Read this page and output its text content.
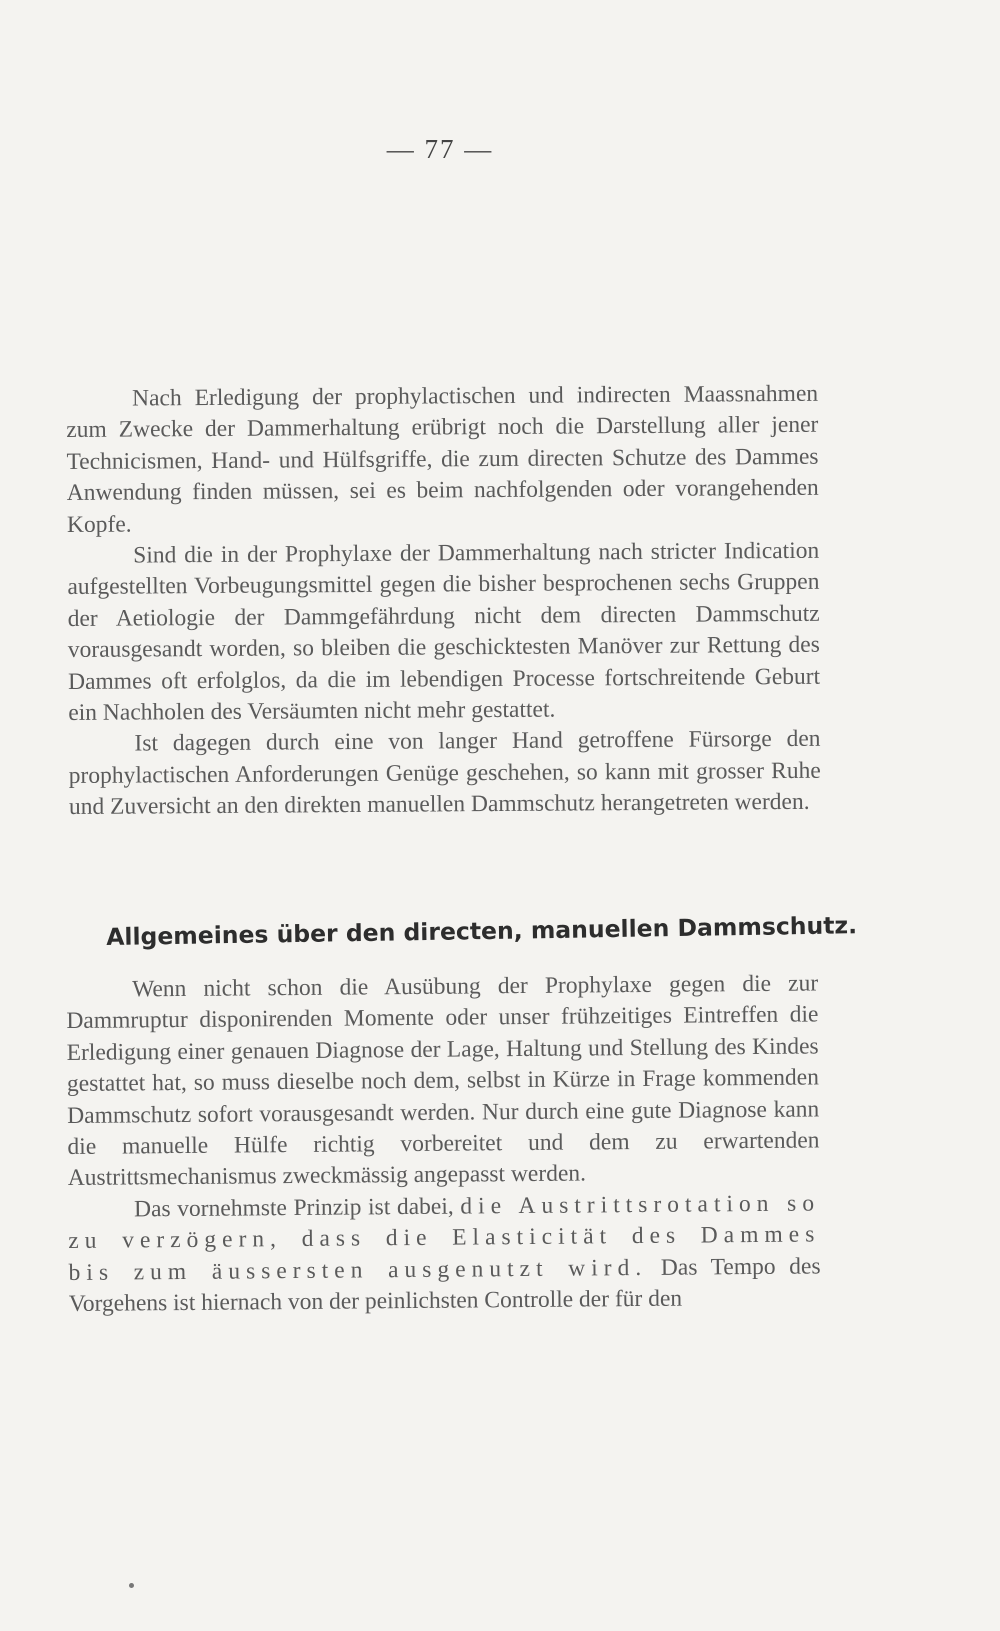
— 77 —

Nach Erledigung der prophylactischen und indirecten Maassnahmen zum Zwecke der Dammerhaltung erübrigt noch die Darstellung aller jener Technicismen, Hand- und Hülfsgriffe, die zum directen Schutze des Dammes Anwendung finden müssen, sei es beim nachfolgenden oder vorangehenden Kopfe.

Sind die in der Prophylaxe der Dammerhaltung nach stricter Indication aufgestellten Vorbeugungsmittel gegen die bisher besprochenen sechs Gruppen der Aetiologie der Dammgefährdung nicht dem directen Dammschutz vorausgesandt worden, so bleiben die geschicktesten Manöver zur Rettung des Dammes oft erfolglos, da die im lebendigen Processe fortschreitende Geburt ein Nachholen des Versäumten nicht mehr gestattet.

Ist dagegen durch eine von langer Hand getroffene Fürsorge den prophylactischen Anforderungen Genüge geschehen, so kann mit grosser Ruhe und Zuversicht an den direkten manuellen Dammschutz herangetreten werden.

Allgemeines über den directen, manuellen Dammschutz.

Wenn nicht schon die Ausübung der Prophylaxe gegen die zur Dammruptur disponirenden Momente oder unser frühzeitiges Eintreffen die Erledigung einer genauen Diagnose der Lage, Haltung und Stellung des Kindes gestattet hat, so muss dieselbe noch dem, selbst in Kürze in Frage kommenden Dammschutz sofort vorausgesandt werden. Nur durch eine gute Diagnose kann die manuelle Hülfe richtig vorbereitet und dem zu erwartenden Austrittsmechanismus zweckmässig angepasst werden.

Das vornehmste Prinzip ist dabei, die Austrittsrotation so zu verzögern, dass die Elasticität des Dammes bis zum äussersten ausgenutzt wird. Das Tempo des Vorgehens ist hiernach von der peinlichsten Controlle der für den
